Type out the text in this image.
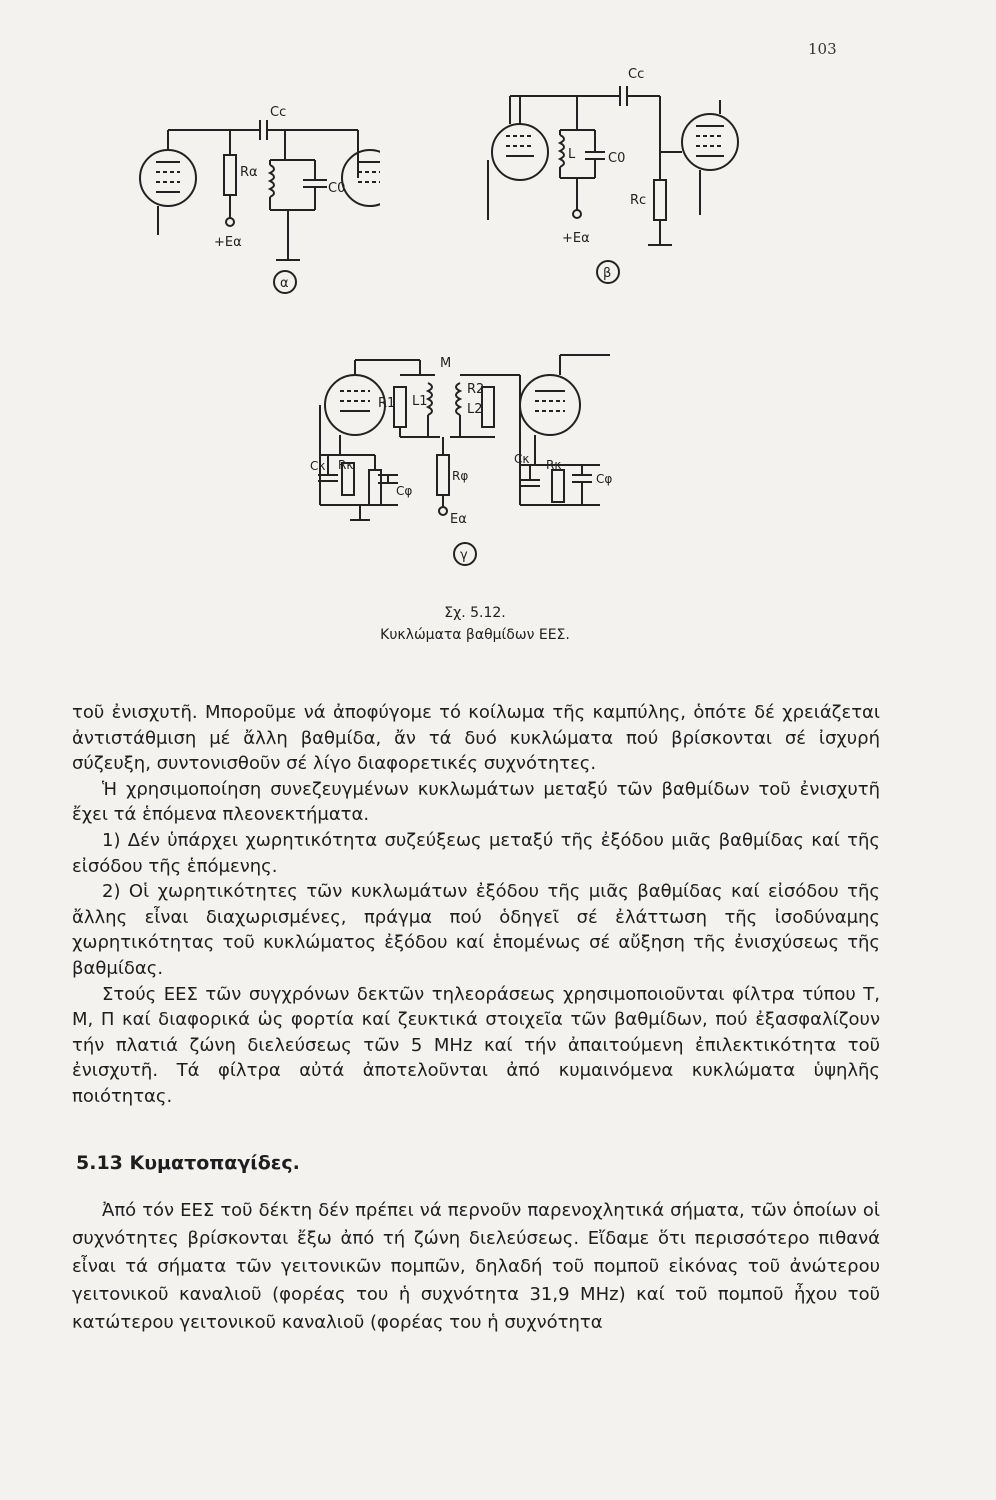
103
Cc
Rα
C0
+Eα
α
Cc
L	C0
Rc
+Eα
β
M
R1 L1
R2
L2
Cκ Rκ
Cφ
Rφ
Eα
Cκ Rκ
Cφ
γ
Σχ. 5.12.
Κυκλώματα βαθμίδων ΕΕΣ.

τοῦ ἐνισχυτῆ. Μποροῦμε νά ἀποφύγομε τό κοίλωμα τῆς καμπύλης, ὁπότε δέ χρειάζεται ἀντιστάθμιση μέ ἄλλη βαθμίδα, ἄν τά δυό κυκλώματα πού βρίσκονται σέ ἰσχυρή σύζευξη, συντονισθοῦν σέ λίγο διαφορετικές συχνότητες.

Ἡ χρησιμοποίηση συνεζευγμένων κυκλωμάτων μεταξύ τῶν βαθμίδων τοῦ ἐνισχυτῆ ἔχει τά ἑπόμενα πλεονεκτήματα.

1) Δέν ὑπάρχει χωρητικότητα συζεύξεως μεταξύ τῆς ἐξόδου μιᾶς βαθμίδας καί τῆς εἰσόδου τῆς ἑπόμενης.

2) Οἱ χωρητικότητες τῶν κυκλωμάτων ἐξόδου τῆς μιᾶς βαθμίδας καί εἰσόδου τῆς ἄλλης εἶναι διαχωρισμένες, πράγμα πού ὁδηγεῖ σέ ἐλάττωση τῆς ἰσοδύναμης χωρητικότητας τοῦ κυκλώματος ἐξόδου καί ἑπομένως σέ αὔξηση τῆς ἐνισχύσεως τῆς βαθμίδας.

Στούς ΕΕΣ τῶν συγχρόνων δεκτῶν τηλεοράσεως χρησιμοποιοῦνται φίλτρα τύπου Τ, Μ, Π καί διαφορικά ὡς φορτία καί ζευκτικά στοιχεῖα τῶν βαθμίδων, πού ἐξασφαλίζουν τήν πλατιά ζώνη διελεύσεως τῶν 5 MHz καί τήν ἀπαιτούμενη ἐπιλεκτικότητα τοῦ ἐνισχυτῆ. Τά φίλτρα αὐτά ἀποτελοῦνται ἀπό κυμαινόμενα κυκλώματα ὑψηλῆς ποιότητας.

5.13 Κυματοπαγίδες.

Ἀπό τόν ΕΕΣ τοῦ δέκτη δέν πρέπει νά περνοῦν παρενοχλητικά σήματα, τῶν ὁποίων οἱ συχνότητες βρίσκονται ἔξω ἀπό τή ζώνη διελεύσεως. Εἴδαμε ὅτι περισσότερο πιθανά εἶναι τά σήματα τῶν γειτονικῶν πομπῶν, δηλαδή τοῦ πομποῦ εἰκόνας τοῦ ἀνώτερου γειτονικοῦ καναλιοῦ (φορέας του ἡ συχνότητα 31,9 MHz) καί τοῦ πομποῦ ἦχου τοῦ κατώτερου γειτονικοῦ καναλιοῦ (φορέας του ἡ συχνότητα
